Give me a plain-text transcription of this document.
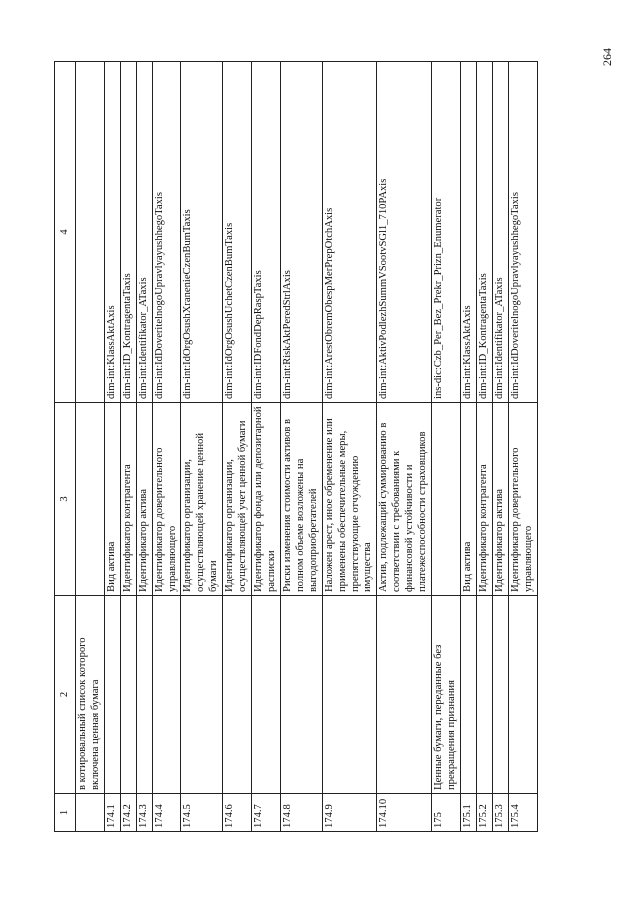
264
1	2	3	4
	в котировальный список которого включена ценная бумага		
174.1		Вид актива	dim-int:KlassAktAxis
174.2		Идентификатор контрагента	dim-int:ID_KontragentaTaxis
174.3		Идентификатор актива	dim-int:Identifikator_ATaxis
174.4		Идентификатор доверительного управляющего	dim-int:IdDoveritelnogoUpravlyayushhegoTaxis
174.5		Идентификатор организации, осуществляющей хранение ценной бумаги	dim-int:IdOrgOsushXranenieCzenBumTaxis
174.6		Идентификатор организации, осуществляющей учет ценной бумаги	dim-int:IdOrgOsushUchetCzenBumTaxis
174.7		Идентификатор фонда или депозитарной расписки	dim-int:IDFondDepRaspTaxis
174.8		Риски изменения стоимости активов в полном объеме возложены на выгодоприобретателей	dim-int:RiskAktPeredStrlAxis
174.9		Наложен арест, иное обременение или применены обеспечительные меры, препятствующие отчуждению имущества	dim-int:ArestObremObespMerPrepOtchAxis
174.10		Актив, подлежащий суммированию в соответствии с требованиями к финансовой устойчивости и платежеспособности страховщиков	dim-int:AktivPodlezhSummVSootvSGl1_710PAxis
175	Ценные бумаги, переданные без прекращения признания		ins-dic:Czb_Per_Bez_Prekr_Prizn_Enumerator
175.1		Вид актива	dim-int:KlassAktAxis
175.2		Идентификатор контрагента	dim-int:ID_KontragentaTaxis
175.3		Идентификатор актива	dim-int:Identifikator_ATaxis
175.4		Идентификатор доверительного управляющего	dim-int:IdDoveritelnogoUpravlyayushhegoTaxis
